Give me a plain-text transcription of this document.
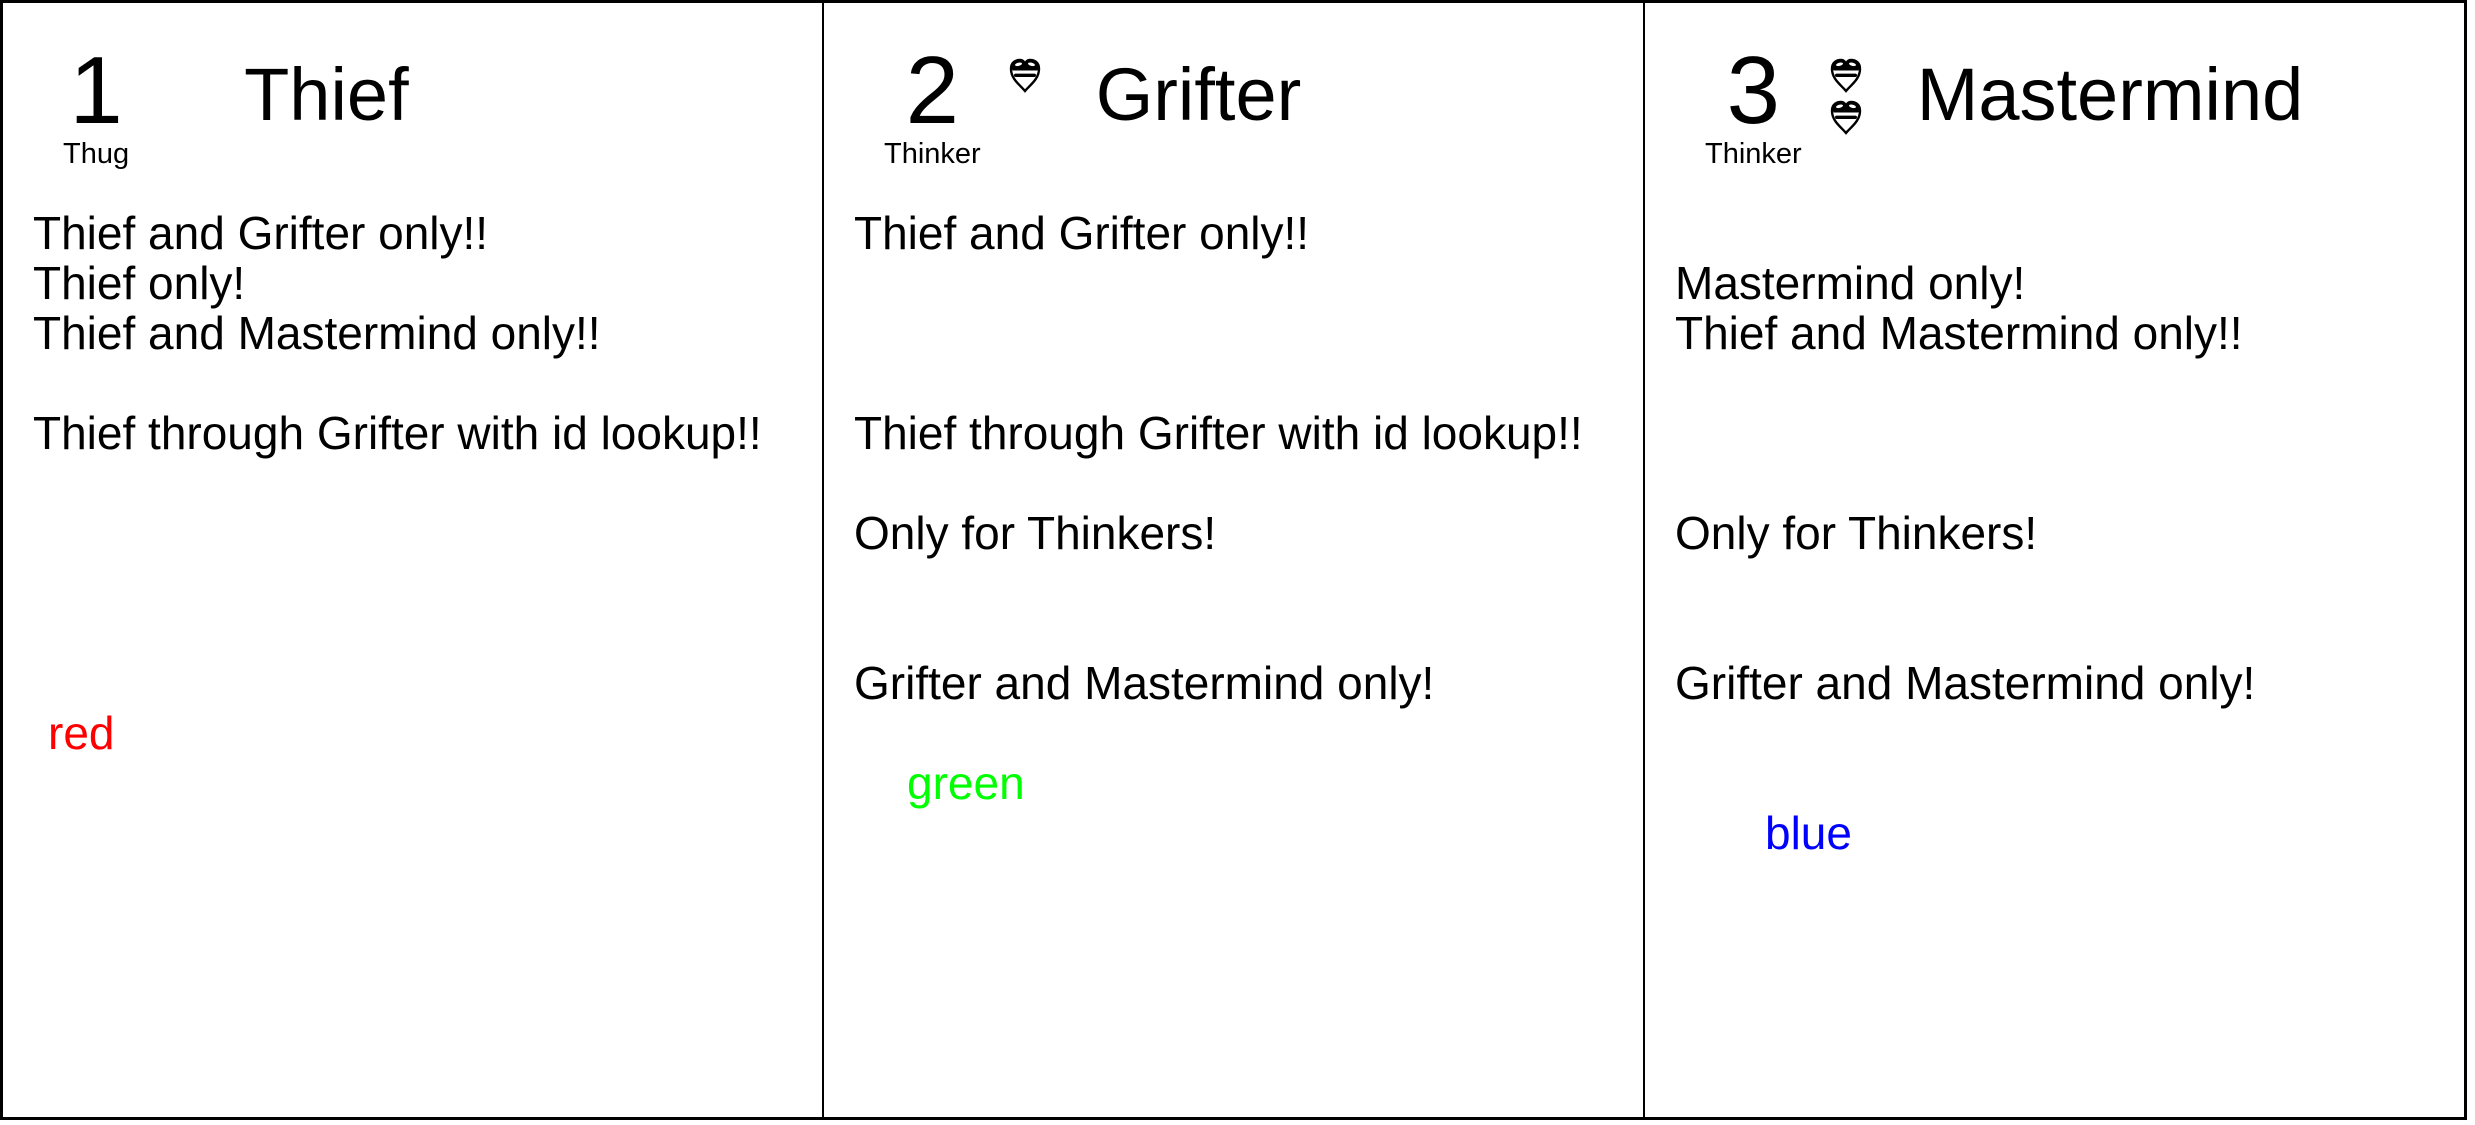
1
Thug
Thief
Thief and Grifter only!!
Thief only!
Thief and Mastermind only!!

Thief through Grifter with id lookup!!

red

2
Thinker
Grifter
Thief and Grifter only!!

Thief through Grifter with id lookup!!

Only for Thinkers!

Grifter and Mastermind only!

green

3
Thinker
Mastermind

Mastermind only!
Thief and Mastermind only!!

Only for Thinkers!

Grifter and Mastermind only!

blue
